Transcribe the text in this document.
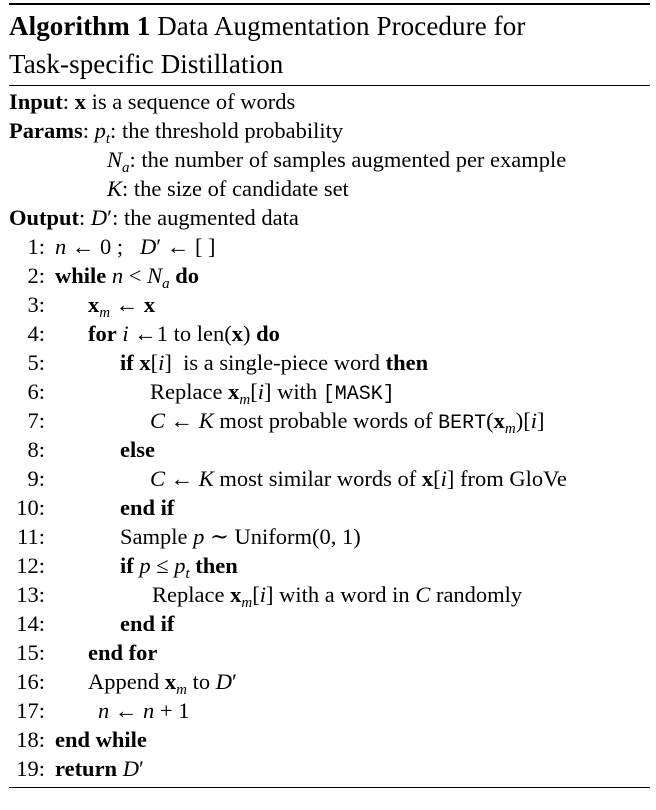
Algorithm 1 Data Augmentation Procedure for
Task-specific Distillation
Input: x is a sequence of words
Params: $p_t$: the threshold probability
$N_a$: the number of samples augmented per example
K: the size of candidate set
Output: D′: the augmented data
1: n ← 0 ;   D′ ← [ ]
2: while $n < N_a$ do
3: $x_m$ ← x
4: for i ←1 to len(x) do
5:	if x[i]  is a single-piece word then
6:	Replace $x_m[i]$ with [MASK]
7:	C ← K most probable words of $BERT(x_m)[i]$
8:	else
9:	C ← K most similar words of x[i] from GloVe
10:	end if
11:	Sample p ∼ Uniform(0, 1)
12:	if $p \le p_t$ then
13:	Replace $x_m[i]$ with a word in C randomly
14:	end if
15: end for
16: Append $x_m$ to D′
17: n ← n + 1
18: end while
19: return D′
